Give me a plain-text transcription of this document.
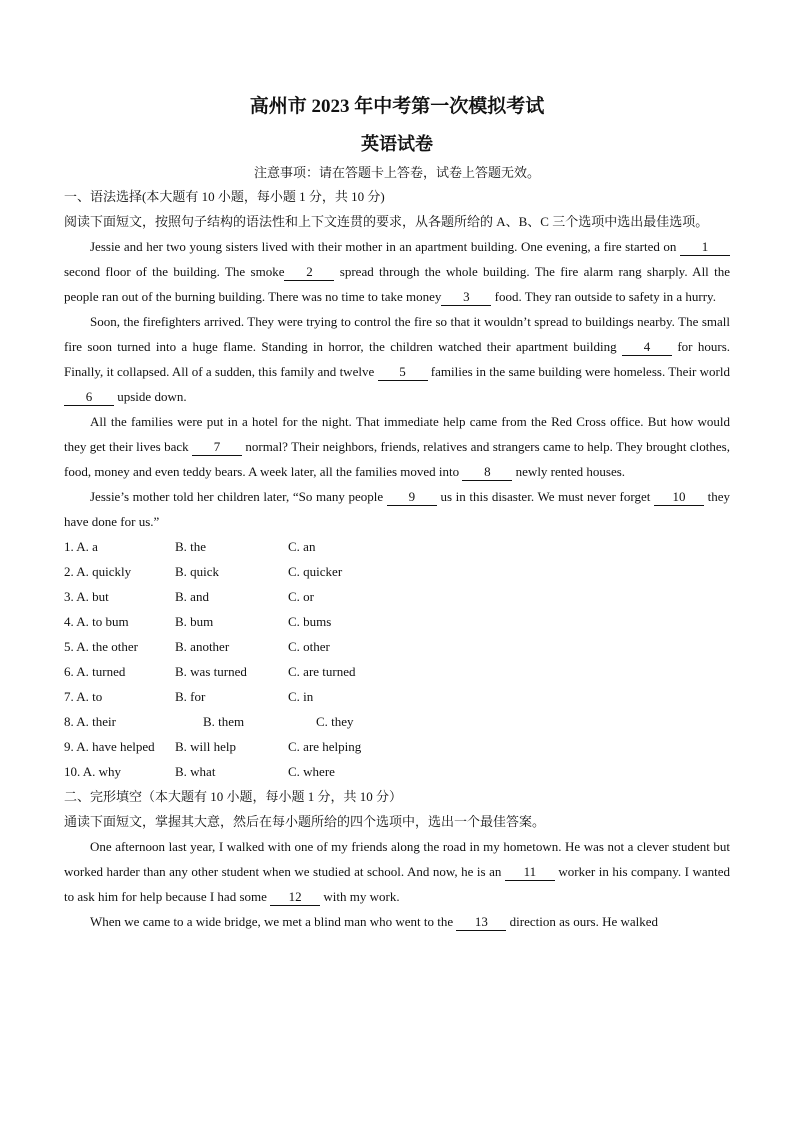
高州市 2023 年中考第一次模拟考试
英语试卷

注意事项：请在答题卡上答卷，试卷上答题无效。

一、语法选择(本大题有 10 小题，每小题 1 分，共 10 分)

阅读下面短文，按照句子结构的语法性和上下文连贯的要求，从各题所给的 A、B、C 三个选项中选出最佳选项。

Jessie and her two young sisters lived with their mother in an apartment building. One evening, a fire started on 1 second floor of the building. The smoke 2 spread through the whole building. The fire alarm rang sharply. All the people ran out of the burning building. There was no time to take money 3 food. They ran outside to safety in a hurry.

Soon, the firefighters arrived. They were trying to control the fire so that it wouldn’t spread to buildings nearby. The small fire soon turned into a huge flame. Standing in horror, the children watched their apartment building 4 for hours. Finally, it collapsed. All of a sudden, this family and twelve 5 families in the same building were homeless. Their world 6 upside down.

All the families were put in a hotel for the night. That immediate help came from the Red Cross office. But how would they get their lives back 7 normal? Their neighbors, friends, relatives and strangers came to help. They brought clothes, food, money and even teddy bears. A week later, all the families moved into 8 newly rented houses.

Jessie’s mother told her children later, “So many people 9 us in this disaster. We must never forget 10 they have done for us.”

1. A. a	B. the	C. an
2. A. quickly	B. quick	C. quicker
3. A. but	B. and	C. or
4. A. to bum	B. bum	C. bums
5. A. the other	B. another	C. other
6. A. turned	B. was turned	C. are turned
7. A. to	B. for	C. in
8. A. their	B. them	C. they
9. A. have helped B. will help	C. are helping
10. A. why	B. what	C. where

二、完形填空（本大题有 10 小题，每小题 1 分，共 10 分）

通读下面短文，掌握其大意，然后在每小题所给的四个选项中，选出一个最佳答案。

One afternoon last year, I walked with one of my friends along the road in my hometown. He was not a clever student but worked harder than any other student when we studied at school. And now, he is an 11 worker in his company. I wanted to ask him for help because I had some 12 with my work.

When we came to a wide bridge, we met a blind man who went to the 13 direction as ours. He walked
